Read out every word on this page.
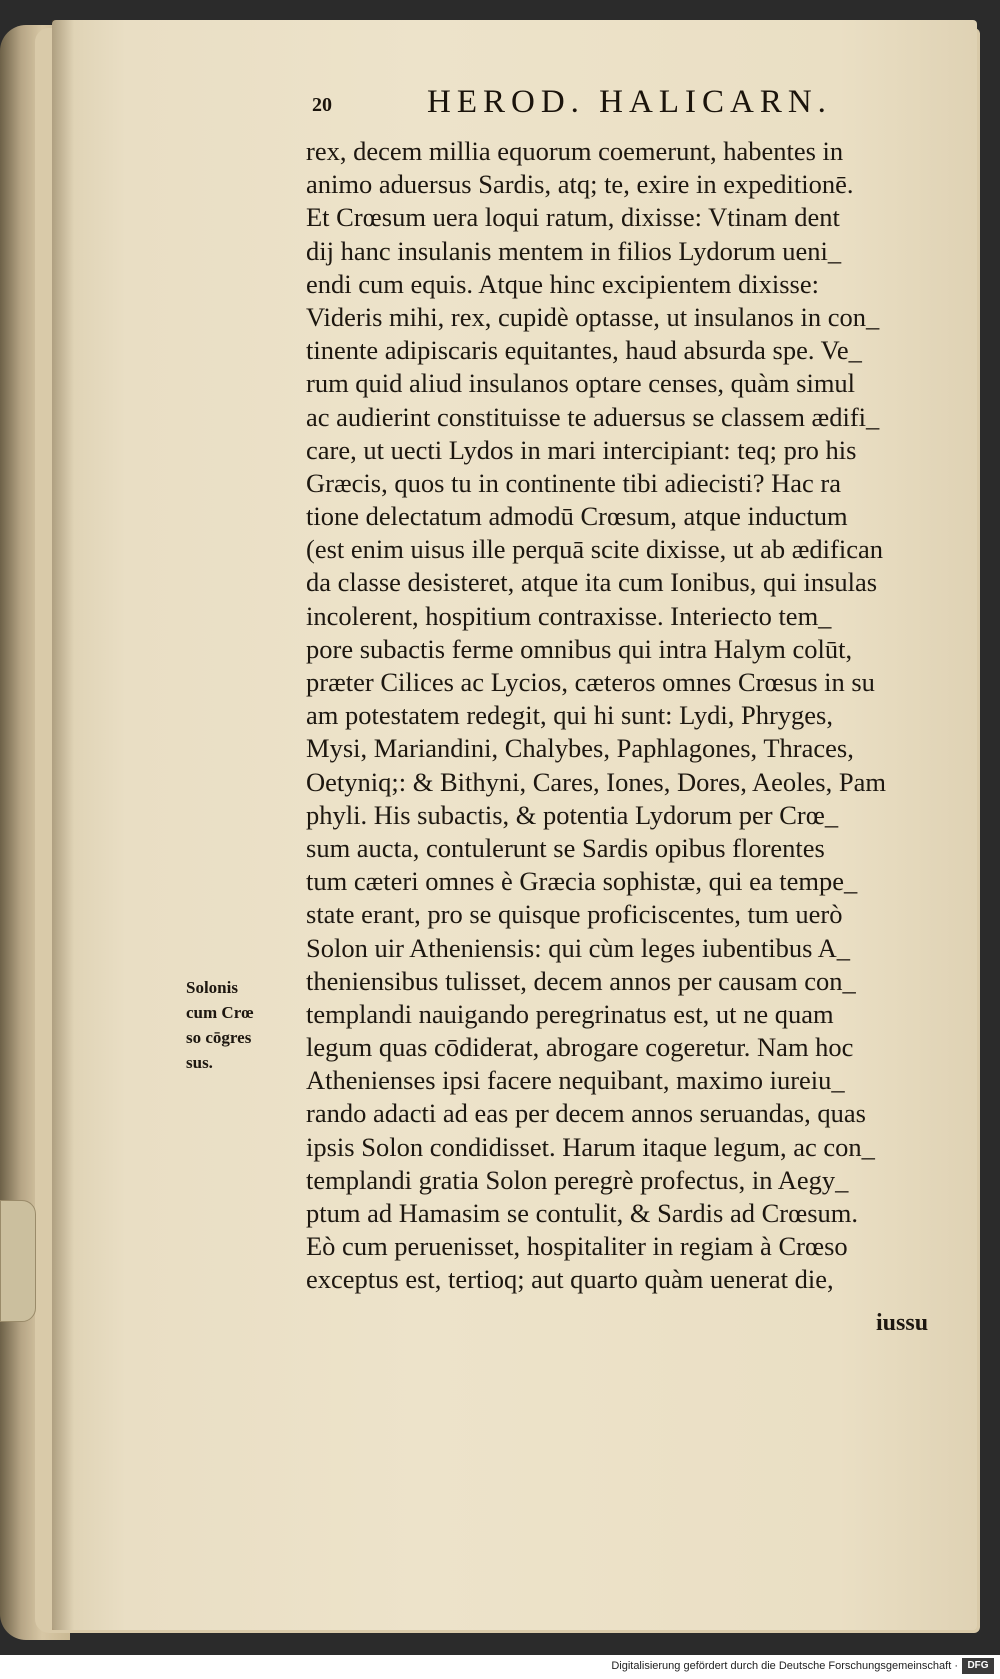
20	HEROD. HALICARN.
rex, decem millia equorum coemerunt, habentes in
animo aduersus Sardis, atq; te, exire in expeditionē.
Et Crœsum uera loqui ratum, dixisse: Vtinam dent
dij hanc insulanis mentem in filios Lydorum ueni_
endi cum equis. Atque hinc excipientem dixisse:
Videris mihi, rex, cupidè optasse, ut insulanos in con_
tinente adipiscaris equitantes, haud absurda spe. Ve_
rum quid aliud insulanos optare censes, quàm simul
ac audierint constituisse te aduersus se classem ædifi_
care, ut uecti Lydos in mari intercipiant: teq; pro his
Græcis, quos tu in continente tibi adiecisti? Hac ra
tione delectatum admodū Crœsum, atque inductum
(est enim uisus ille perquā scite dixisse, ut ab ædifican
da classe desisteret, atque ita cum Ionibus, qui insulas
incolerent, hospitium contraxisse. Interiecto tem_
pore subactis ferme omnibus qui intra Halym colūt,
præter Cilices ac Lycios, cæteros omnes Crœsus in su
am potestatem redegit, qui hi sunt: Lydi, Phryges,
Mysi, Mariandini, Chalybes, Paphlagones, Thraces,
Oetyniq;: & Bithyni, Cares, Iones, Dores, Aeoles, Pam
phyli. His subactis, & potentia Lydorum per Crœ_
sum aucta, contulerunt se Sardis opibus florentes
tum cæteri omnes è Græcia sophistæ, qui ea tempe_
state erant, pro se quisque proficiscentes, tum uerò
Solon uir Atheniensis: qui cùm leges iubentibus A_
theniensibus tulisset, decem annos per causam con_
templandi nauigando peregrinatus est, ut ne quam
legum quas cōdiderat, abrogare cogeretur. Nam hoc
Athenienses ipsi facere nequibant, maximo iureiu_
rando adacti ad eas per decem annos seruandas, quas
ipsis Solon condidisset. Harum itaque legum, ac con_
templandi gratia Solon peregrè profectus, in Aegy_
ptum ad Hamasim se contulit, & Sardis ad Crœsum.
Eò cum peruenisset, hospitaliter in regiam à Crœso
exceptus est, tertioq; aut quarto quàm uenerat die,
Solonis
cum Crœ
so cōgres
sus.
iussu
Digitalisierung gefördert durch die Deutsche Forschungsgemeinschaft · DFG
